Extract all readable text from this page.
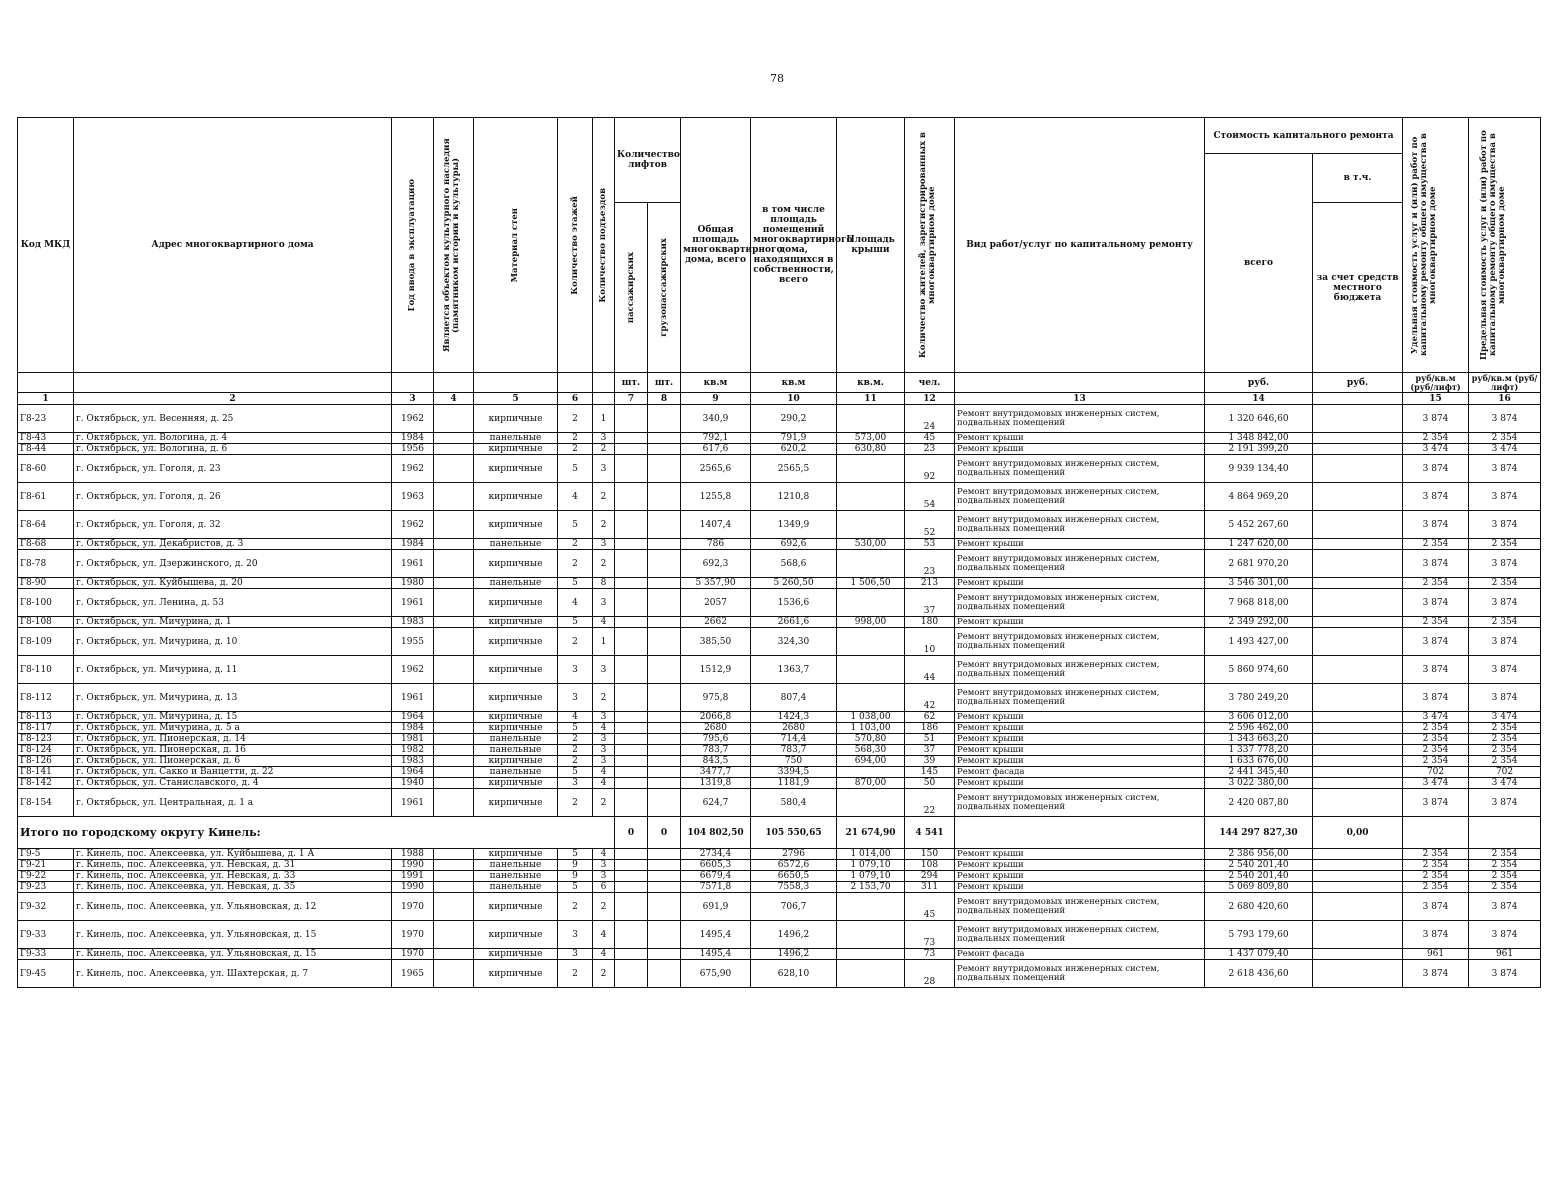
78
Код МКД	Адрес многоквартирного дома	Год ввода в эксплуатацию	Является объектом культурного наследия (памятником истории и культуры)	Материал стен	Количество этажей	Количество подъездов	Количество лифтов		Общая площадь многоквартирного дома, всего	в том числе площадь помещений многоквартирного дома, находящихся в собственности, всего	Площадь крыши	Количество жителей, зарегистрированных в многоквартирном доме	Вид работ/услуг по капитальному ремонту	Стоимость капитального ремонта		Удельная стоимость услуг и (или) работ по капитальному ремонту общего имущества в многоквартирном доме	Предельная стоимость услуг и (или) работ по капитальному ремонту общего имущества в многоквартирном доме

														всего	в т.ч.		

							пассажирских	грузопассажирских							за счет средств местного бюджета		
							шт.	шт.	кв.м	кв.м	кв.м.	чел.		руб.	руб.	руб/кв.м (руб/лифт)	руб/кв.м (руб/лифт)
1	2	3	4	5	6		7	8	9	10	11	12	13	14		15	16
Г8-23	г. Октябрьск, ул. Весенняя, д. 25	1962		кирпичные	2	1			340,9	290,2		24	Ремонт внутридомовых инженерных систем, подвальных помещений	1 320 646,60		3 874	3 874
Г8-43	г. Октябрьск, ул. Вологина, д. 4	1984		панельные	2	3			792,1	791,9	573,00	45	Ремонт крыши	1 348 842,00		2 354	2 354
Г8-44	г. Октябрьск, ул. Вологина, д. 6	1956		кирпичные	2	2			617,6	620,2	630,80	23	Ремонт крыши	2 191 399,20		3 474	3 474
Г8-60	г. Октябрьск, ул. Гоголя, д. 23	1962		кирпичные	5	3			2565,6	2565,5		92	Ремонт внутридомовых инженерных систем, подвальных помещений	9 939 134,40		3 874	3 874
Г8-61	г. Октябрьск, ул. Гоголя, д. 26	1963		кирпичные	4	2			1255,8	1210,8		54	Ремонт внутридомовых инженерных систем, подвальных помещений	4 864 969,20		3 874	3 874
Г8-64	г. Октябрьск, ул. Гоголя, д. 32	1962		кирпичные	5	2			1407,4	1349,9		52	Ремонт внутридомовых инженерных систем, подвальных помещений	5 452 267,60		3 874	3 874
Г8-68	г. Октябрьск, ул. Декабристов, д. 3	1984		панельные	2	3			786	692,6	530,00	53	Ремонт крыши	1 247 620,00		2 354	2 354
Г8-78	г. Октябрьск, ул. Дзержинского, д. 20	1961		кирпичные	2	2			692,3	568,6		23	Ремонт внутридомовых инженерных систем, подвальных помещений	2 681 970,20		3 874	3 874
Г8-90	г. Октябрьск, ул. Куйбышева, д. 20	1980		панельные	5	8			5 357,90	5 260,50	1 506,50	213	Ремонт крыши	3 546 301,00		2 354	2 354
Г8-100	г. Октябрьск, ул. Ленина, д. 53	1961		кирпичные	4	3			2057	1536,6		37	Ремонт внутридомовых инженерных систем, подвальных помещений	7 968 818,00		3 874	3 874
Г8-108	г. Октябрьск, ул. Мичурина, д. 1	1983		кирпичные	5	4			2662	2661,6	998,00	180	Ремонт крыши	2 349 292,00		2 354	2 354
Г8-109	г. Октябрьск, ул. Мичурина, д. 10	1955		кирпичные	2	1			385,50	324,30		10	Ремонт внутридомовых инженерных систем, подвальных помещений	1 493 427,00		3 874	3 874
Г8-110	г. Октябрьск, ул. Мичурина, д. 11	1962		кирпичные	3	3			1512,9	1363,7		44	Ремонт внутридомовых инженерных систем, подвальных помещений	5 860 974,60		3 874	3 874
Г8-112	г. Октябрьск, ул. Мичурина, д. 13	1961		кирпичные	3	2			975,8	807,4		42	Ремонт внутридомовых инженерных систем, подвальных помещений	3 780 249,20		3 874	3 874
Г8-113	г. Октябрьск, ул. Мичурина, д. 15	1964		кирпичные	4	3			2066,8	1424,3	1 038,00	62	Ремонт крыши	3 606 012,00		3 474	3 474
Г8-117	г. Октябрьск, ул. Мичурина, д. 5 а	1984		кирпичные	5	4			2680	2680	1 103,00	186	Ремонт крыши	2 596 462,00		2 354	2 354
Г8-123	г. Октябрьск, ул. Пионерская, д. 14	1981		панельные	2	3			795,6	714,4	570,80	51	Ремонт крыши	1 343 663,20		2 354	2 354
Г8-124	г. Октябрьск, ул. Пионерская, д. 16	1982		панельные	2	3			783,7	783,7	568,30	37	Ремонт крыши	1 337 778,20		2 354	2 354
Г8-126	г. Октябрьск, ул. Пионерская, д. 6	1983		кирпичные	2	3			843,5	750	694,00	39	Ремонт крыши	1 633 676,00		2 354	2 354
Г8-141	г. Октябрьск, ул. Сакко и Ванцетти, д. 22	1964		панельные	5	4			3477,7	3394,5		145	Ремонт фасада	2 441 345,40		702	702
Г8-142	г. Октябрьск, ул. Станиславского, д. 4	1940		кирпичные	3	4			1319,8	1181,9	870,00	50	Ремонт крыши	3 022 380,00		3 474	3 474
Г8-154	г. Октябрьск, ул. Центральная, д. 1 а	1961		кирпичные	2	2			624,7	580,4		22	Ремонт внутридомовых инженерных систем, подвальных помещений	2 420 087,80		3 874	3 874
Итого по городскому округу Кинель:							0	0	104 802,50	105 550,65	21 674,90	4 541		144 297 827,30	0,00		
Г9-5	г. Кинель, пос. Алексеевка, ул. Куйбышева, д. 1 А	1988		кирпичные	5	4			2734,4	2796	1 014,00	150	Ремонт крыши	2 386 956,00		2 354	2 354
Г9-21	г. Кинель, пос. Алексеевка, ул. Невская, д. 31	1990		панельные	9	3			6605,3	6572,6	1 079,10	108	Ремонт крыши	2 540 201,40		2 354	2 354
Г9-22	г. Кинель, пос. Алексеевка, ул. Невская, д. 33	1991		панельные	9	3			6679,4	6650,5	1 079,10	294	Ремонт крыши	2 540 201,40		2 354	2 354
Г9-23	г. Кинель, пос. Алексеевка, ул. Невская, д. 35	1990		панельные	5	6			7571,8	7558,3	2 153,70	311	Ремонт крыши	5 069 809,80		2 354	2 354
Г9-32	г. Кинель, пос. Алексеевка, ул. Ульяновская, д. 12	1970		кирпичные	2	2			691,9	706,7		45	Ремонт внутридомовых инженерных систем, подвальных помещений	2 680 420,60		3 874	3 874
Г9-33	г. Кинель, пос. Алексеевка, ул. Ульяновская, д. 15	1970		кирпичные	3	4			1495,4	1496,2		73	Ремонт внутридомовых инженерных систем, подвальных помещений	5 793 179,60		3 874	3 874
Г9-33	г. Кинель, пос. Алексеевка, ул. Ульяновская, д. 15	1970		кирпичные	3	4			1495,4	1496,2		73	Ремонт фасада	1 437 079,40		961	961
Г9-45	г. Кинель, пос. Алексеевка, ул. Шахтерская, д. 7	1965		кирпичные	2	2			675,90	628,10		28	Ремонт внутридомовых инженерных систем, подвальных помещений	2 618 436,60		3 874	3 874
